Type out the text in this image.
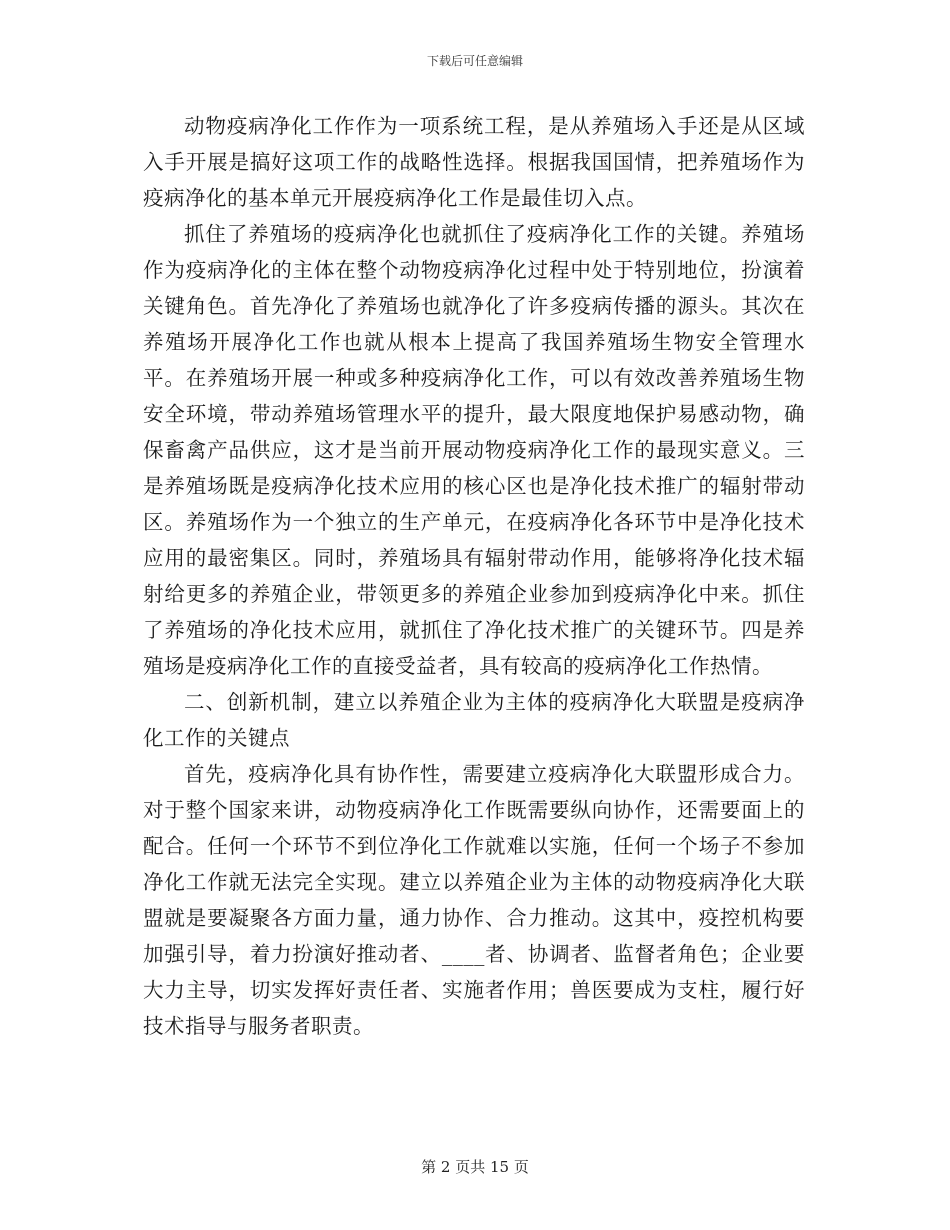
下载后可任意编辑

动物疫病净化工作作为一项系统工程，是从养殖场入手还是从区域入手开展是搞好这项工作的战略性选择。根据我国国情，把养殖场作为疫病净化的基本单元开展疫病净化工作是最佳切入点。

抓住了养殖场的疫病净化也就抓住了疫病净化工作的关键。养殖场作为疫病净化的主体在整个动物疫病净化过程中处于特别地位，扮演着关键角色。首先净化了养殖场也就净化了许多疫病传播的源头。其次在养殖场开展净化工作也就从根本上提高了我国养殖场生物安全管理水平。在养殖场开展一种或多种疫病净化工作，可以有效改善养殖场生物安全环境，带动养殖场管理水平的提升，最大限度地保护易感动物，确保畜禽产品供应，这才是当前开展动物疫病净化工作的最现实意义。三是养殖场既是疫病净化技术应用的核心区也是净化技术推广的辐射带动区。养殖场作为一个独立的生产单元，在疫病净化各环节中是净化技术应用的最密集区。同时，养殖场具有辐射带动作用，能够将净化技术辐射给更多的养殖企业，带领更多的养殖企业参加到疫病净化中来。抓住了养殖场的净化技术应用，就抓住了净化技术推广的关键环节。四是养殖场是疫病净化工作的直接受益者，具有较高的疫病净化工作热情。

二、创新机制，建立以养殖企业为主体的疫病净化大联盟是疫病净化工作的关键点

首先，疫病净化具有协作性，需要建立疫病净化大联盟形成合力。对于整个国家来讲，动物疫病净化工作既需要纵向协作，还需要面上的配合。任何一个环节不到位净化工作就难以实施，任何一个场子不参加净化工作就无法完全实现。建立以养殖企业为主体的动物疫病净化大联盟就是要凝聚各方面力量，通力协作、合力推动。这其中，疫控机构要加强引导，着力扮演好推动者、____者、协调者、监督者角色；企业要大力主导，切实发挥好责任者、实施者作用；兽医要成为支柱，履行好技术指导与服务者职责。

第 2 页共 15 页
